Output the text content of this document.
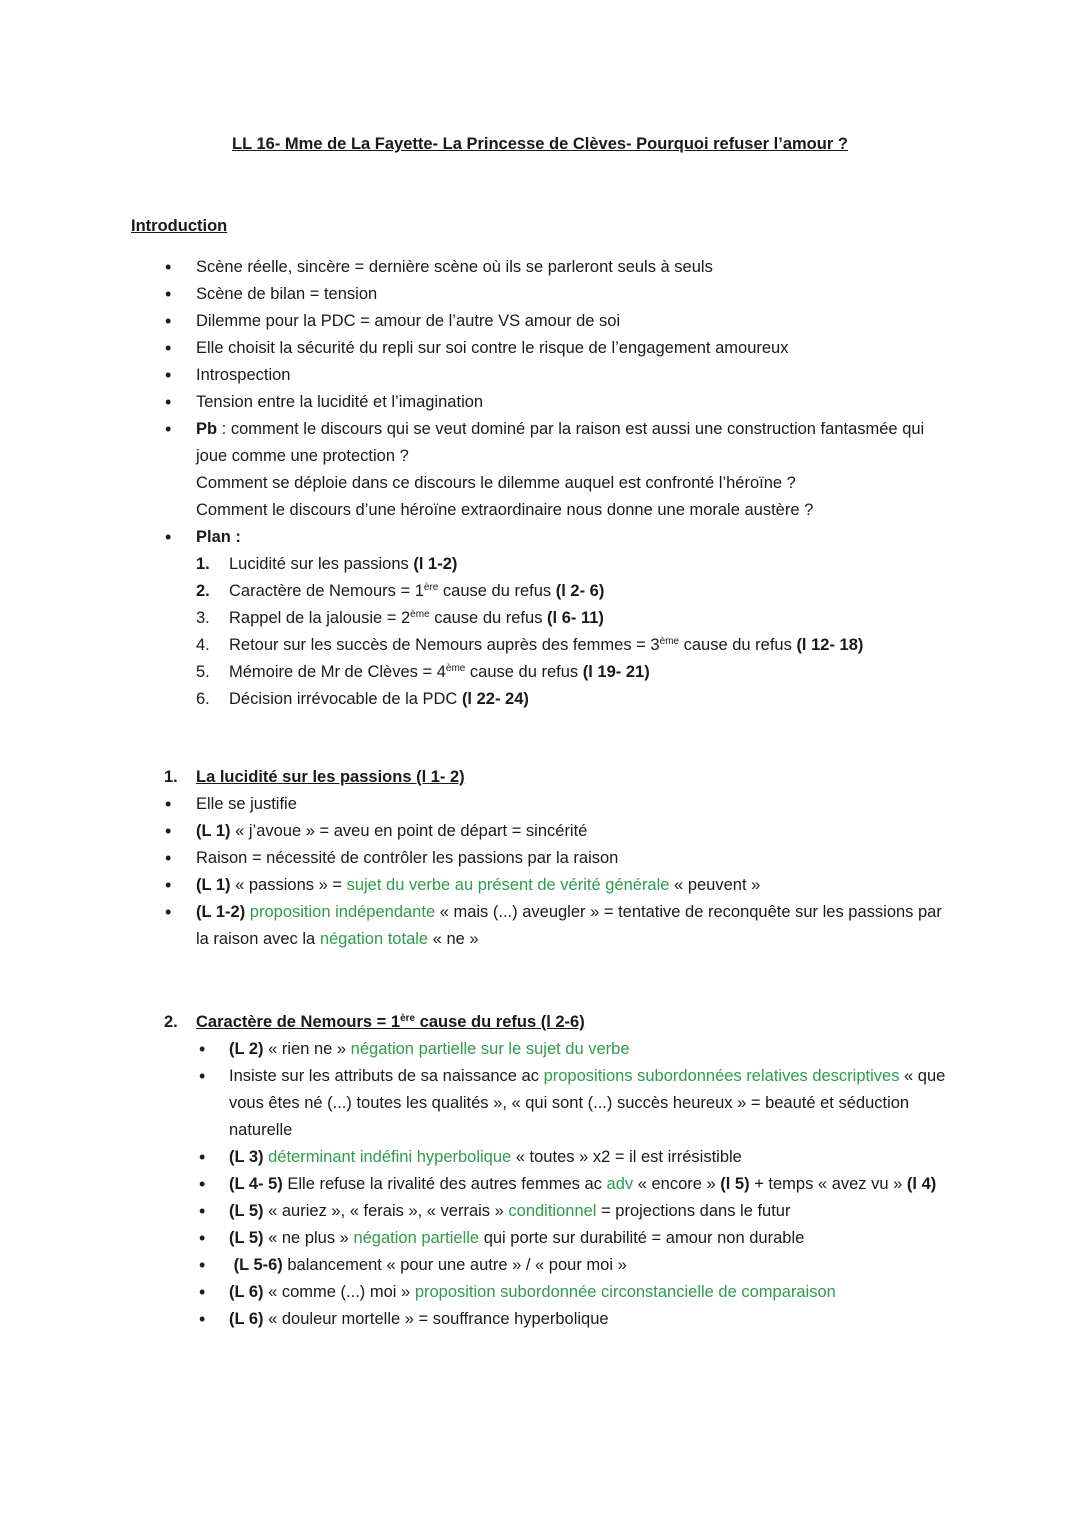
LL 16- Mme de La Fayette- La Princesse de Clèves- Pourquoi refuser l’amour ?
Introduction
• Scène réelle, sincère = dernière scène où ils se parleront seuls à seuls
• Scène de bilan = tension
• Dilemme pour la PDC = amour de l’autre VS amour de soi
• Elle choisit la sécurité du repli sur soi contre le risque de l’engagement amoureux
• Introspection
• Tension entre la lucidité et l’imagination
• Pb : comment le discours qui se veut dominé par la raison est aussi une construction fantasmée qui joue comme une protection ?
Comment se déploie dans ce discours le dilemme auquel est confronté l’héroïne ?
Comment le discours d’une héroïne extraordinaire nous donne une morale austère ?
• Plan :
1. Lucidité sur les passions (l 1-2)
2. Caractère de Nemours = 1ère cause du refus (l 2- 6)
3. Rappel de la jalousie = 2ème cause du refus (l 6- 11)
4. Retour sur les succès de Nemours auprès des femmes = 3ème cause du refus (l 12- 18)
5. Mémoire de Mr de Clèves = 4ème cause du refus (l 19- 21)
6. Décision irrévocable de la PDC (l 22- 24)
1. La lucidité sur les passions (l 1- 2)
• Elle se justifie
• (L 1) « j’avoue » = aveu en point de départ = sincérité
• Raison = nécessité de contrôler les passions par la raison
• (L 1) « passions » = sujet du verbe au présent de vérité générale « peuvent »
• (L 1-2) proposition indépendante « mais (...) aveugler » = tentative de reconquête sur les passions par la raison avec la négation totale « ne »
2. Caractère de Nemours = 1ère cause du refus (l 2-6)
• (L 2) « rien ne » négation partielle sur le sujet du verbe
• Insiste sur les attributs de sa naissance ac propositions subordonnées relatives descriptives « que vous êtes né (...) toutes les qualités », « qui sont (...) succès heureux » = beauté et séduction naturelle
• (L 3) déterminant indéfini hyperbolique « toutes » x2 = il est irrésistible
• (L 4- 5) Elle refuse la rivalité des autres femmes ac adv « encore » (l 5) + temps « avez vu » (l 4)
• (L 5) « auriez », « ferais », « verrais » conditionnel = projections dans le futur
• (L 5) « ne plus » négation partielle qui porte sur durabilité = amour non durable
• (L 5-6) balancement « pour une autre » / « pour moi »
• (L 6) « comme (...) moi » proposition subordonnée circonstancielle de comparaison
• (L 6) « douleur mortelle » = souffrance hyperbolique
